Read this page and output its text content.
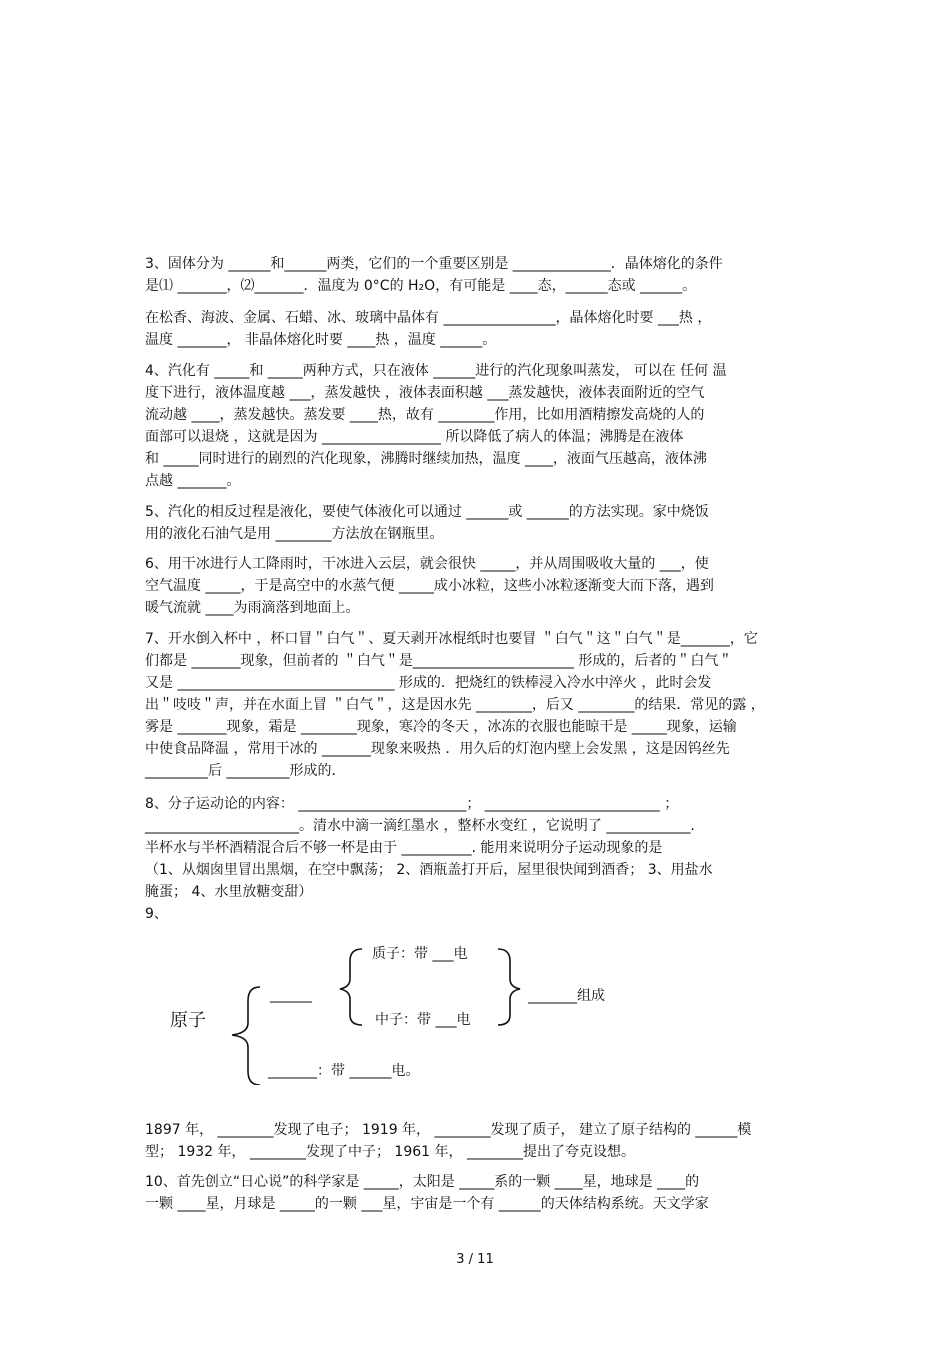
3、固体分为 ______和______两类，它们的一个重要区别是 ______________．晶体熔化的条件
是⑴ _______，⑵_______．温度为 0°C的 H₂O，有可能是 ____态，______态或 ______。
在松香、海波、金属、石蜡、冰、玻璃中晶体有 ________________，晶体熔化时要 ___热 ，
温度 _______， 非晶体熔化时要 ____热 ，温度 ______。
4、汽化有 _____和 _____两种方式，只在液体 ______进行的汽化现象叫蒸发， 可以在 任何 温
度下进行，液体温度越 ___，蒸发越快 ，液体表面积越 ___蒸发越快，液体表面附近的空气
流动越 ____，蒸发越快。蒸发要 ____热，故有 ________作用，比如用酒精擦发高烧的人的
面部可以退烧 ，这就是因为 _________________ 所以降低了病人的体温；沸腾是在液体
和 _____同时进行的剧烈的汽化现象，沸腾时继续加热，温度 ____，液面气压越高，液体沸
点越 _______。
5、汽化的相反过程是液化，要使气体液化可以通过 ______或 ______的方法实现。家中烧饭
用的液化石油气是用 ________方法放在钢瓶里。
6、用干冰进行人工降雨时，干冰进入云层，就会很快 _____，并从周围吸收大量的 ___，使
空气温度 _____，于是高空中的水蒸气便 _____成小冰粒，这些小冰粒逐渐变大而下落，遇到
暖气流就 ____为雨滴落到地面上。
7、开水倒入杯中 ，杯口冒＂白气＂、夏天剥开冰棍纸时也要冒 ＂白气＂这＂白气＂是_______，它
们都是 _______现象，但前者的 ＂白气＂是_______________________ 形成的，后者的＂白气＂
又是 _______________________________ 形成的．把烧红的铁棒浸入冷水中淬火 ，此时会发
出＂吱吱＂声，并在水面上冒 ＂白气＂，这是因水先 ________，后又 ________的结果．常见的露 ，
雾是 _______现象，霜是 ________现象，寒冷的冬天 ，冰冻的衣服也能晾干是 _____现象，运输
中使食品降温 ，常用干冰的 _______现象来吸热 ．用久后的灯泡内壁上会发黑 ，这是因钨丝先
_________后 _________形成的．
8、分子运动论的内容： ________________________； _________________________ ；
______________________。清水中滴一滴红墨水 ，整杯水变红 ，它说明了 ____________.
半杯水与半杯酒精混合后不够一杯是由于 __________. 能用来说明分子运动现象的是
（1、从烟囱里冒出黑烟，在空中飘荡； 2、酒瓶盖打开后，屋里很快闻到酒香； 3、用盐水
腌蛋； 4、水里放糖变甜）
9、
原子
______
质子：带 ___电
中子：带 ___电
_______组成
_______：带 ______电。
1897 年， ________发现了电子； 1919 年， ________发现了质子， 建立了原子结构的 ______模
型； 1932 年， ________发现了中子； 1961 年， ________提出了夸克设想。
10、首先创立“日心说”的科学家是 _____，太阳是 _____系的一颗 ____星，地球是 ____的
一颗 ____星，月球是 _____的一颗 ___星，宇宙是一个有 ______的天体结构系统。天文学家
3 / 11
